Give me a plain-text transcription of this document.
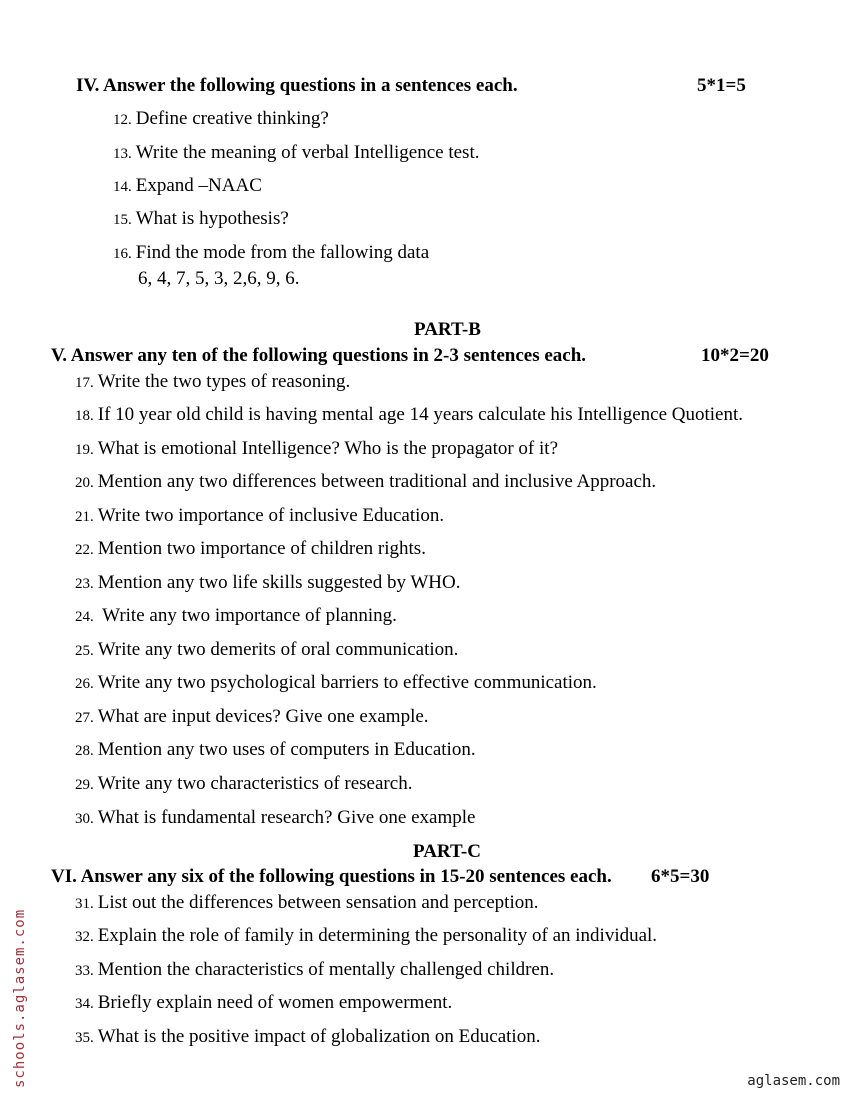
IV. Answer the following questions in a sentences each.	5*1=5
12. Define creative thinking?
13. Write the meaning of verbal Intelligence test.
14. Expand –NAAC
15. What is hypothesis?
16. Find the mode from the fallowing data
6, 4, 7, 5, 3, 2,6, 9, 6.
PART-B
V. Answer any ten of the following questions in 2-3 sentences each.	10*2=20
17. Write the two types of reasoning.
18. If 10 year old child is having mental age 14 years calculate his Intelligence Quotient.
19. What is emotional Intelligence? Who is the propagator of it?
20. Mention any two differences between traditional and inclusive Approach.
21. Write two importance of inclusive Education.
22. Mention two importance of children rights.
23. Mention any two life skills suggested by WHO.
24. Write any two importance of planning.
25. Write any two demerits of oral communication.
26. Write any two psychological barriers to effective communication.
27. What are input devices? Give one example.
28. Mention any two uses of computers in Education.
29. Write any two characteristics of research.
30. What is fundamental research? Give one example
PART-C
VI. Answer any six of the following questions in 15-20 sentences each. 6*5=30
31. List out the differences between sensation and perception.
32. Explain the role of family in determining the personality of an individual.
33. Mention the characteristics of mentally challenged children.
34. Briefly explain need of women empowerment.
35. What is the positive impact of globalization on Education.
schools.aglasem.com	aglasem.com
